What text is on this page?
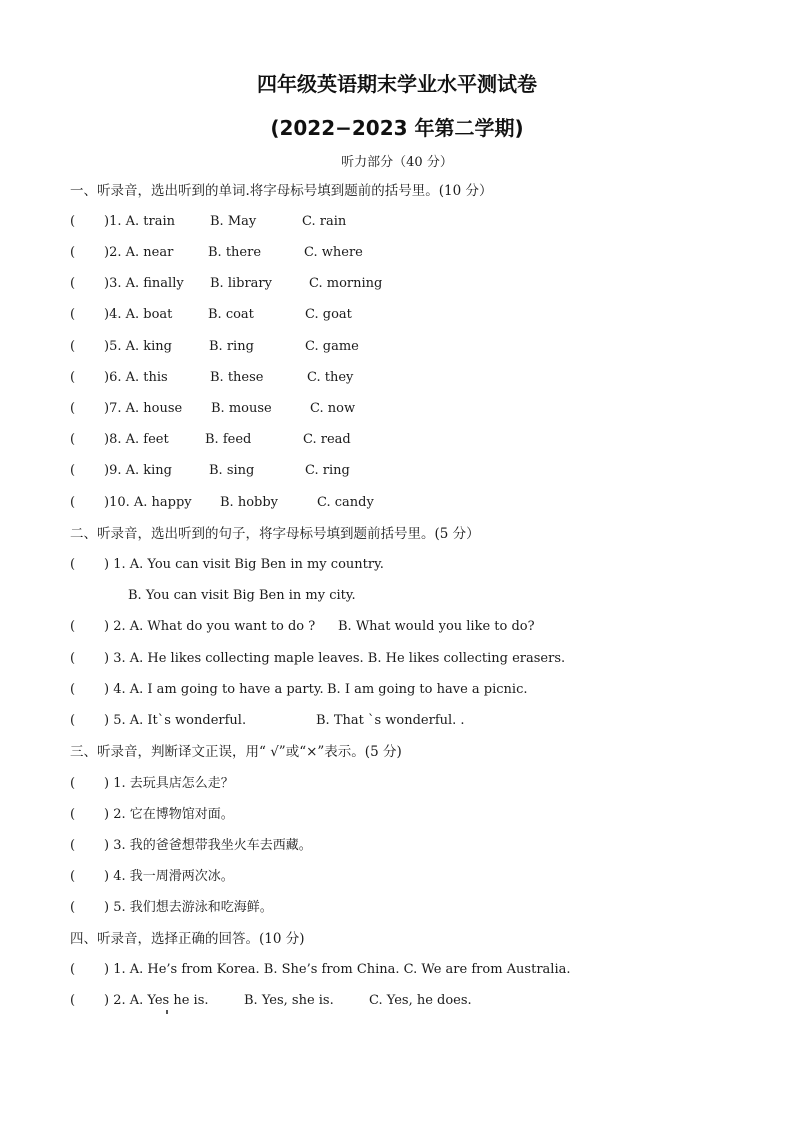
四年级英语期末学业水平测试卷
(2022−2023 年第二学期)
听力部分（40 分）
一、听录音，选出听到的单词.将字母标号填到题前的括号里。(10 分）
( )1. A. train	B. May	C. rain
( )2. A. near	B. there	C. where
( )3. A. finally B. library	C. morning
( )4. A. boat	B. coat	C. goat
( )5. A. king	B. ring	C. game
( )6. A. this	B. these	C. they
( )7. A. house B. mouse	C. now
( )8. A. feet	B. feed	C. read
( )9. A. king	B. sing	C. ring
( )10. A. happy B. hobby	C. candy
二、听录音，选出听到的句子，将字母标号填到题前括号里。(5 分）
( ) 1. A. You can visit Big Ben in my country.
B. You can visit Big Ben in my city.
( ) 2. A. What do you want to do ? B. What would you like to do?
( ) 3. A. He likes collecting maple leaves. B. He likes collecting erasers.
( ) 4. A. I am going to have a party. B. I am going to have a picnic.
( ) 5. A. It`s wonderful.	B. That `s wonderful. .
三、听录音，判断译文正误，用“ √”或“×”表示。(5 分)
( ) 1. 去玩具店怎么走？
( ) 2. 它在博物馆对面。
( ) 3. 我的爸爸想带我坐火车去西藏。
( ) 4. 我一周滑两次冰。
( ) 5. 我们想去游泳和吃海鲜。
四、听录音，选择正确的回答。(10 分)
( ) 1. A. He’s from Korea. B. She’s from China. C. We are from Australia.
( ) 2. A. Yes he is.	B. Yes, she is.	C. Yes, he does.
